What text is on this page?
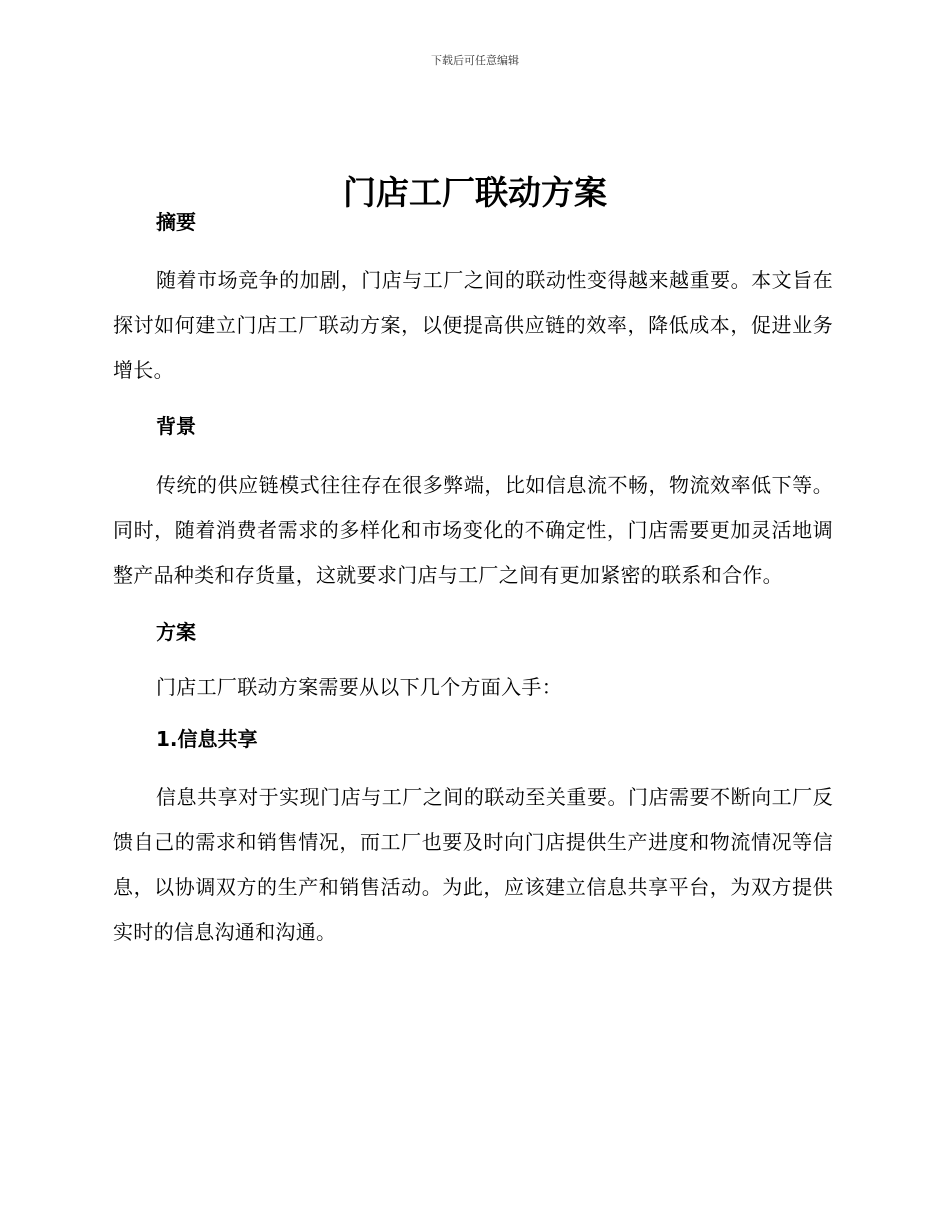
下载后可任意编辑
门店工厂联动方案
摘要

随着市场竞争的加剧，门店与工厂之间的联动性变得越来越重要。本文旨在探讨如何建立门店工厂联动方案，以便提高供应链的效率，降低成本，促进业务增长。

背景

传统的供应链模式往往存在很多弊端，比如信息流不畅，物流效率低下等。同时，随着消费者需求的多样化和市场变化的不确定性，门店需要更加灵活地调整产品种类和存货量，这就要求门店与工厂之间有更加紧密的联系和合作。

方案

门店工厂联动方案需要从以下几个方面入手：

1.信息共享

信息共享对于实现门店与工厂之间的联动至关重要。门店需要不断向工厂反馈自己的需求和销售情况，而工厂也要及时向门店提供生产进度和物流情况等信息，以协调双方的生产和销售活动。为此，应该建立信息共享平台，为双方提供实时的信息沟通和沟通。
